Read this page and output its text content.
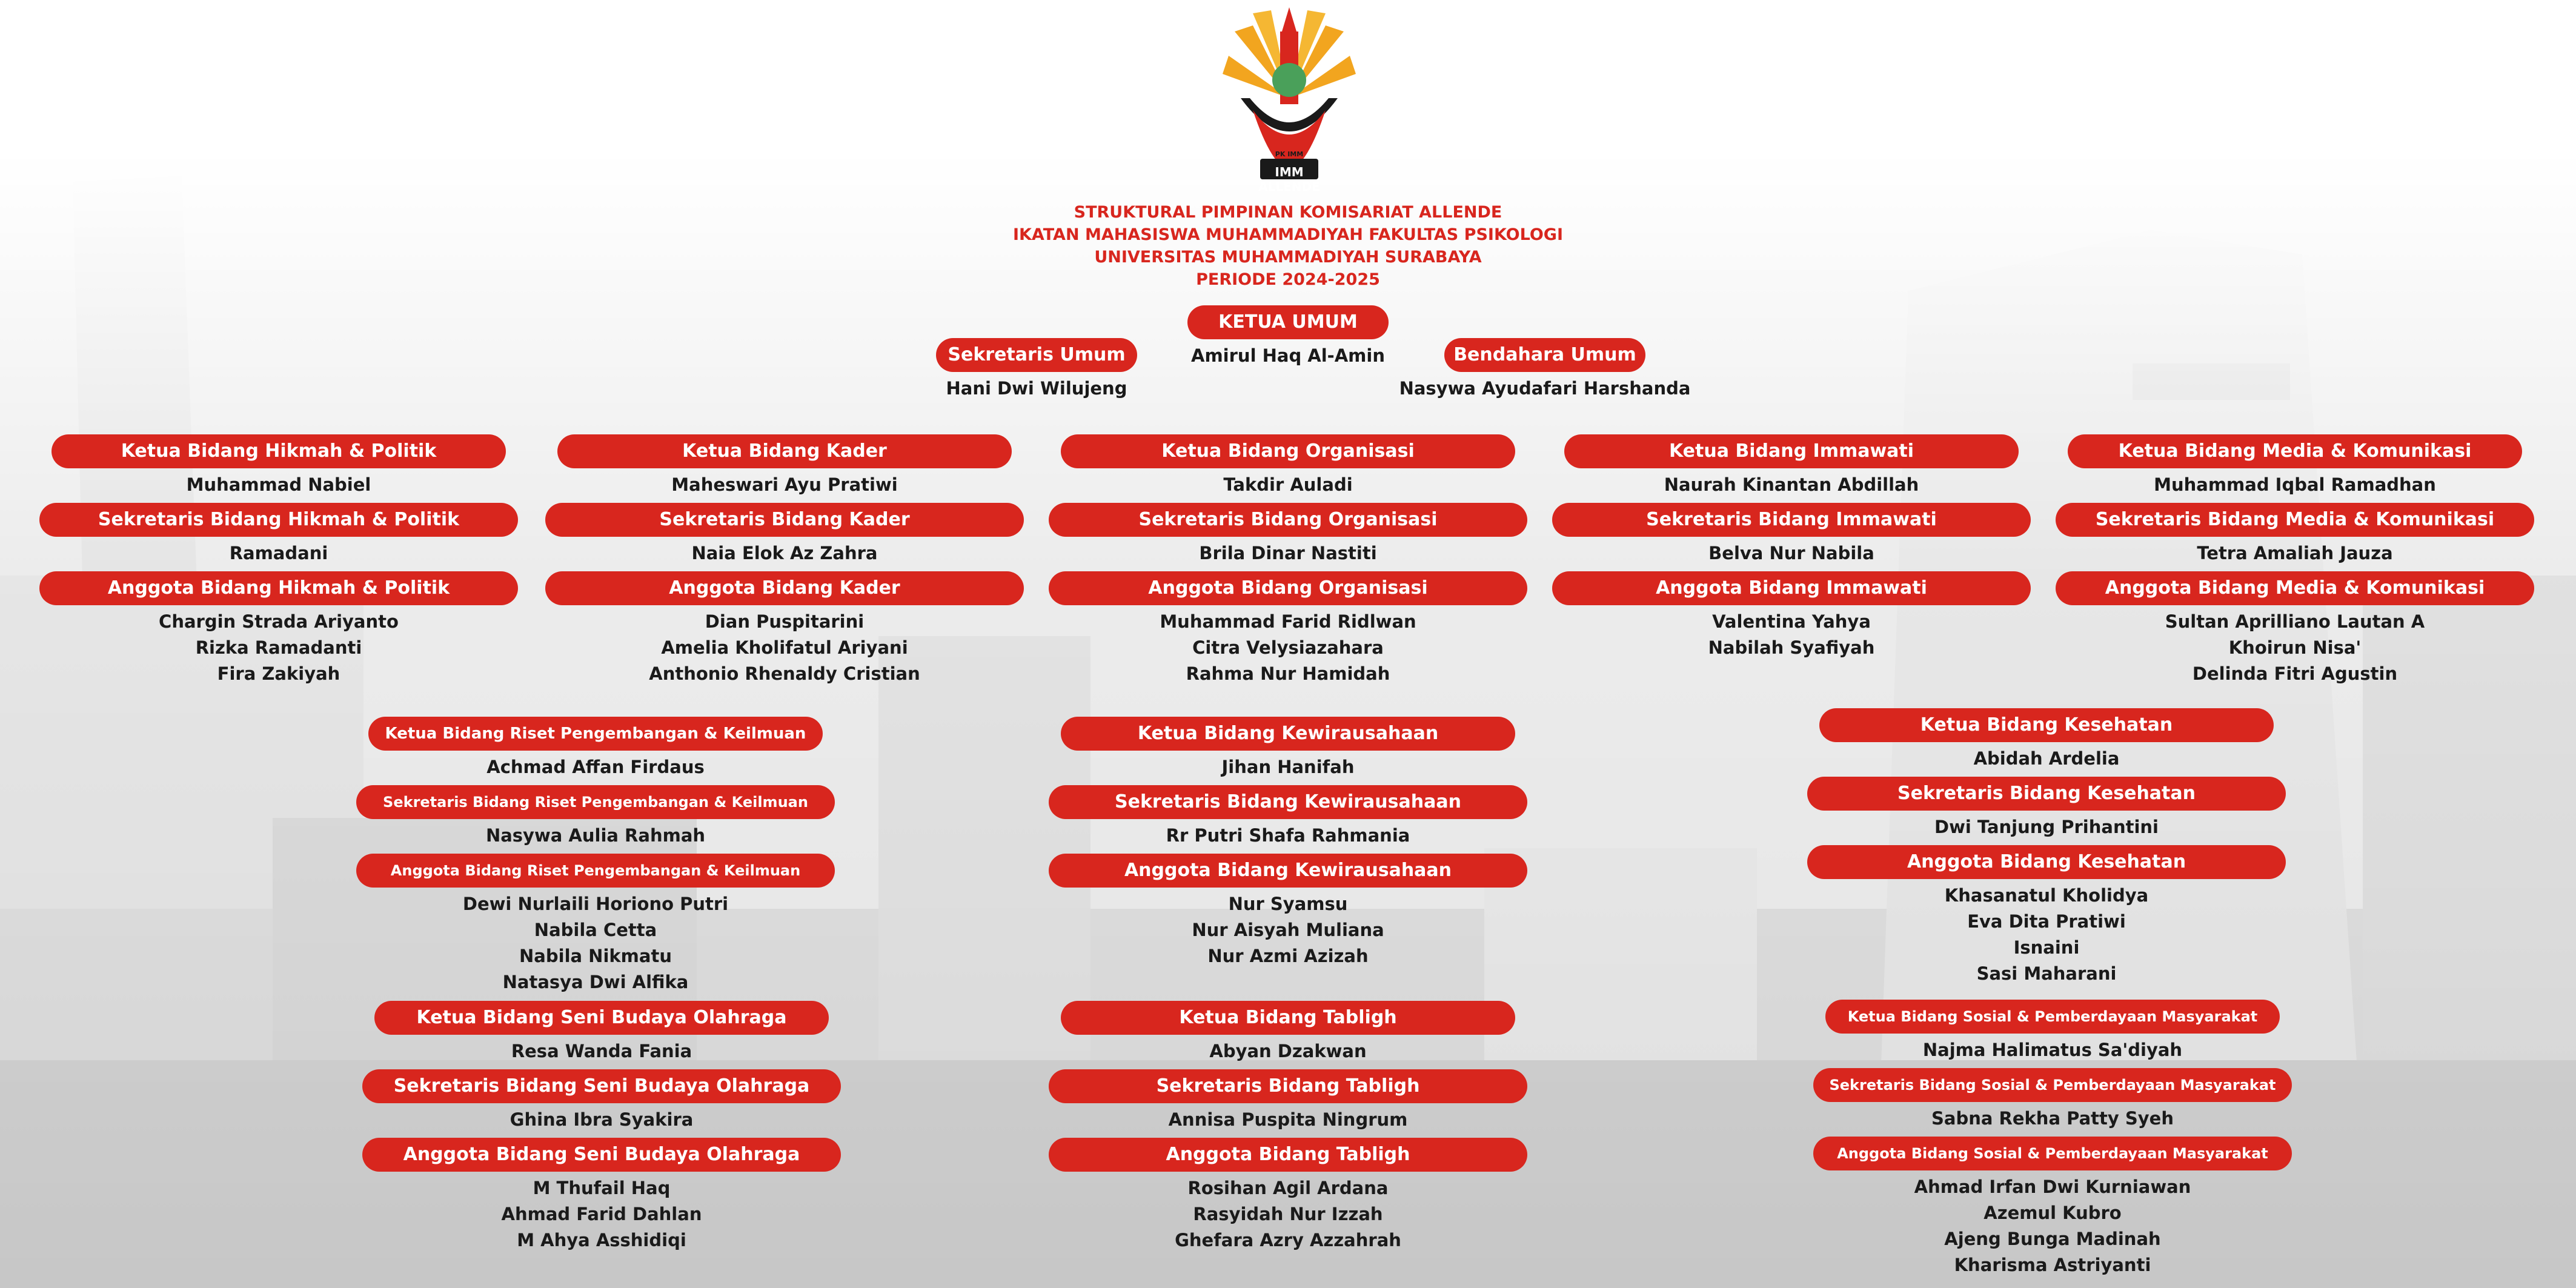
PK IMM
IMM ALLENDE
STRUKTURAL PIMPINAN KOMISARIAT ALLENDE
IKATAN MAHASISWA MUHAMMADIYAH FAKULTAS PSIKOLOGI
UNIVERSITAS MUHAMMADIYAH SURABAYA
PERIODE 2024-2025
KETUA UMUM
Amirul Haq Al-Amin
Sekretaris Umum
Hani Dwi Wilujeng
Bendahara Umum
Nasywa Ayudafari Harshanda
Ketua Bidang Hikmah & Politik
Muhammad Nabiel
Sekretaris Bidang Hikmah & Politik
Ramadani
Anggota Bidang Hikmah & Politik
Chargin Strada Ariyanto
Rizka Ramadanti
Fira Zakiyah
Ketua Bidang Kader
Maheswari Ayu Pratiwi
Sekretaris Bidang Kader
Naia Elok Az Zahra
Anggota Bidang Kader
Dian Puspitarini
Amelia Kholifatul Ariyani
Anthonio Rhenaldy Cristian
Ketua Bidang Organisasi
Takdir Auladi
Sekretaris Bidang Organisasi
Brila Dinar Nastiti
Anggota Bidang Organisasi
Muhammad Farid Ridlwan
Citra Velysiazahara
Rahma Nur Hamidah
Ketua Bidang Immawati
Naurah Kinantan Abdillah
Sekretaris Bidang Immawati
Belva Nur Nabila
Anggota Bidang Immawati
Valentina Yahya
Nabilah Syafiyah
Ketua Bidang Media & Komunikasi
Muhammad Iqbal Ramadhan
Sekretaris Bidang Media & Komunikasi
Tetra Amaliah Jauza
Anggota Bidang Media & Komunikasi
Sultan Aprilliano Lautan A
Khoirun Nisa'
Delinda Fitri Agustin
Ketua Bidang Riset Pengembangan & Keilmuan
Achmad Affan Firdaus
Sekretaris Bidang Riset Pengembangan & Keilmuan
Nasywa Aulia Rahmah
Anggota Bidang Riset Pengembangan & Keilmuan
Dewi Nurlaili Horiono Putri
Nabila Cetta
Nabila Nikmatu
Natasya Dwi Alfika
Ketua Bidang Kewirausahaan
Jihan Hanifah
Sekretaris Bidang Kewirausahaan
Rr Putri Shafa Rahmania
Anggota Bidang Kewirausahaan
Nur Syamsu
Nur Aisyah Muliana
Nur Azmi Azizah
Ketua Bidang Kesehatan
Abidah Ardelia
Sekretaris Bidang Kesehatan
Dwi Tanjung Prihantini
Anggota Bidang Kesehatan
Khasanatul Kholidya
Eva Dita Pratiwi
Isnaini
Sasi Maharani
Ketua Bidang Seni Budaya Olahraga
Resa Wanda Fania
Sekretaris Bidang Seni Budaya Olahraga
Ghina Ibra Syakira
Anggota Bidang Seni Budaya Olahraga
M Thufail Haq
Ahmad Farid Dahlan
M Ahya Asshidiqi
Ketua Bidang Tabligh
Abyan Dzakwan
Sekretaris Bidang Tabligh
Annisa Puspita Ningrum
Anggota Bidang Tabligh
Rosihan Agil Ardana
Rasyidah Nur Izzah
Ghefara Azry Azzahrah
Ketua Bidang Sosial & Pemberdayaan Masyarakat
Najma Halimatus Sa'diyah
Sekretaris Bidang Sosial & Pemberdayaan Masyarakat
Sabna Rekha Patty Syeh
Anggota Bidang Sosial & Pemberdayaan Masyarakat
Ahmad Irfan Dwi Kurniawan
Azemul Kubro
Ajeng Bunga Madinah
Kharisma Astriyanti
